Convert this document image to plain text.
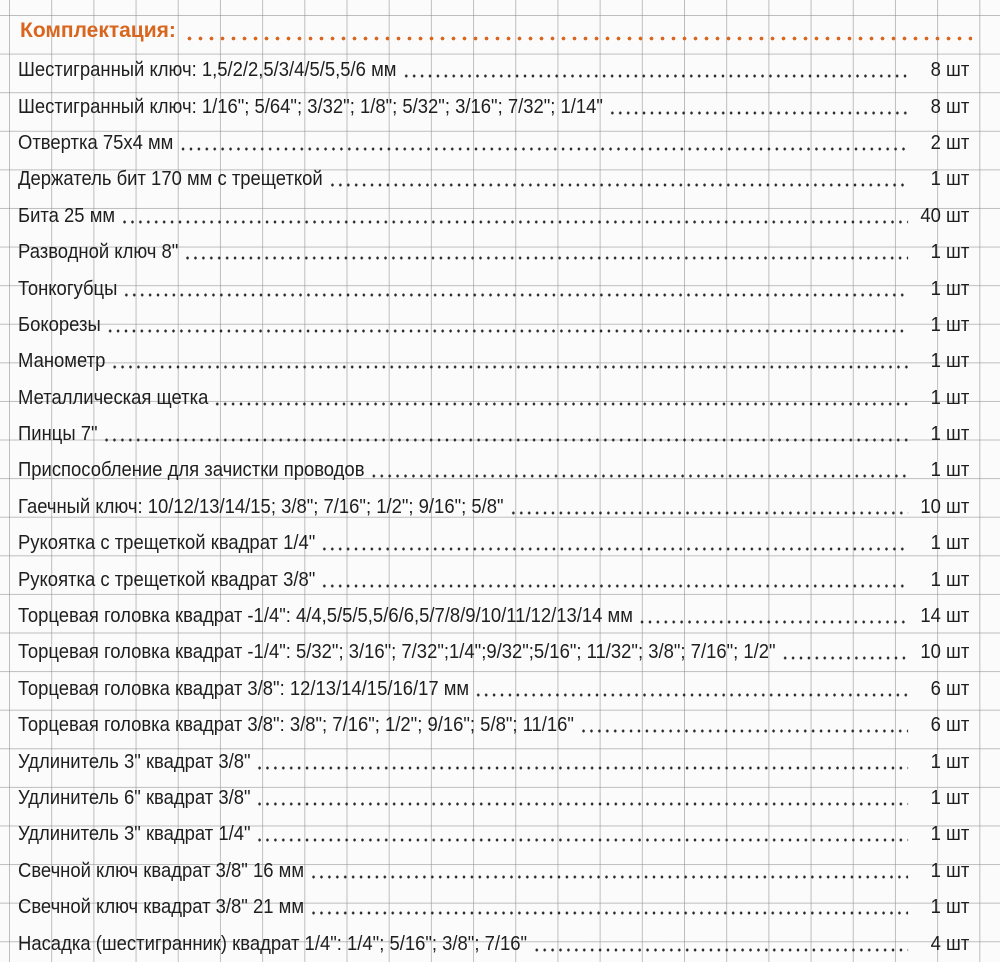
Комплектация:
Шестигранный ключ: 1,5/2/2,5/3/4/5/5,5/6 мм	8 шт
Шестигранный ключ: 1/16"; 5/64"; 3/32"; 1/8"; 5/32"; 3/16"; 7/32"; 1/14"	8 шт
Отвертка 75х4 мм	2 шт
Держатель бит 170 мм с трещеткой	1 шт
Бита 25 мм	40 шт
Разводной ключ 8"	1 шт
Тонкогубцы	1 шт
Бокорезы	1 шт
Манометр	1 шт
Металлическая щетка	1 шт
Пинцы 7"	1 шт
Приспособление для зачистки проводов	1 шт
Гаечный ключ: 10/12/13/14/15; 3/8"; 7/16"; 1/2"; 9/16"; 5/8"	10 шт
Рукоятка с трещеткой квадрат 1/4"	1 шт
Рукоятка с трещеткой квадрат 3/8"	1 шт
Торцевая головка квадрат -1/4": 4/4,5/5/5,5/6/6,5/7/8/9/10/11/12/13/14 мм	14 шт
Торцевая головка квадрат -1/4": 5/32"; 3/16"; 7/32";1/4";9/32";5/16"; 11/32"; 3/8"; 7/16"; 1/2"	10 шт
Торцевая головка квадрат 3/8": 12/13/14/15/16/17 мм	6 шт
Торцевая головка квадрат 3/8": 3/8"; 7/16"; 1/2"; 9/16"; 5/8"; 11/16"	6 шт
Удлинитель 3" квадрат 3/8"	1 шт
Удлинитель 6" квадрат 3/8"	1 шт
Удлинитель 3" квадрат 1/4"	1 шт
Свечной ключ квадрат 3/8" 16 мм	1 шт
Свечной ключ квадрат 3/8" 21 мм	1 шт
Насадка (шестигранник) квадрат 1/4": 1/4"; 5/16"; 3/8"; 7/16"	4 шт
